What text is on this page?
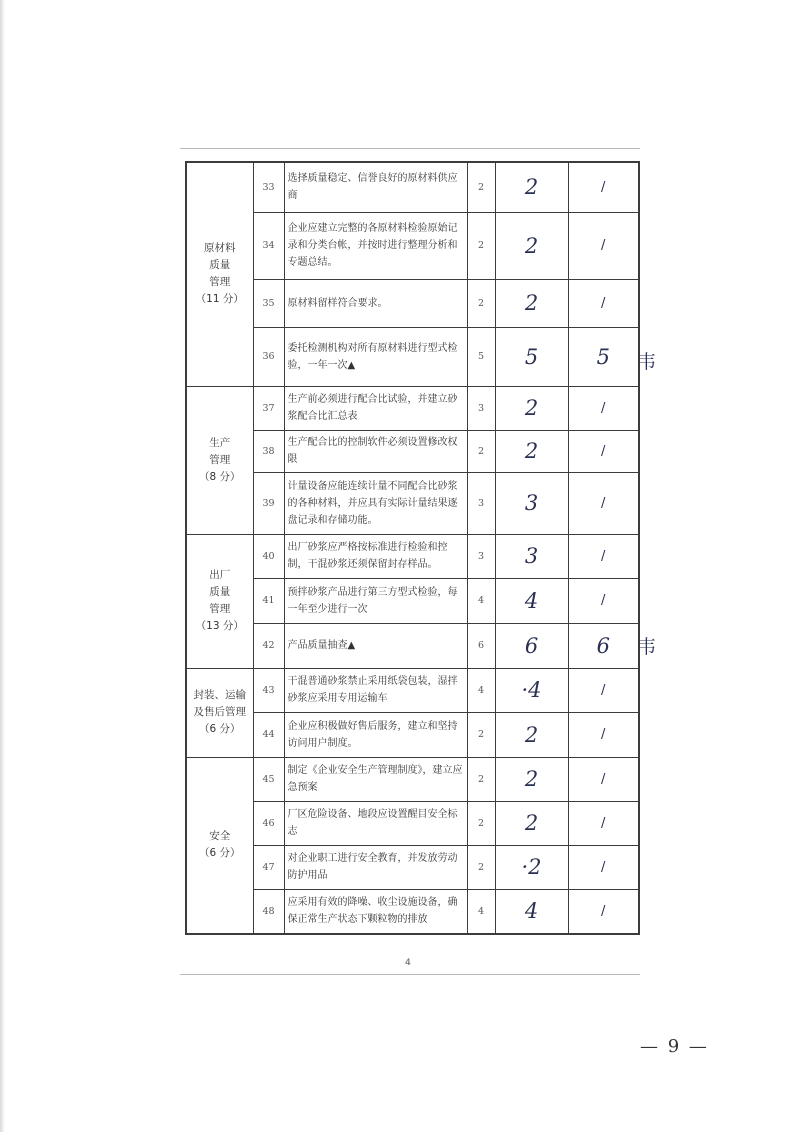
原材料
质量
管理
（11 分）	33	选择质量稳定、信誉良好的原材料供应商	2	2	/
	34	企业应建立完整的各原材料检验原始记录和分类台帐，并按时进行整理分析和专题总结。	2	2	/
	35	原材料留样符合要求。	2	2	/
	36	委托检测机构对所有原材料进行型式检验，一年一次▲	5	5	5

生产
管理
（8 分）	37	生产前必须进行配合比试验，并建立砂浆配合比汇总表	3	2	/
	38	生产配合比的控制软件必须设置修改权限	2	2	/
	39	计量设备应能连续计量不同配合比砂浆的各种材料，并应具有实际计量结果逐盘记录和存储功能。	3	3	/

出厂
质量
管理
（13 分）	40	出厂砂浆应严格按标准进行检验和控制，干混砂浆还须保留封存样品。	3	3	/
	41	预拌砂浆产品进行第三方型式检验，每一年至少进行一次	4	4	/
	42	产品质量抽查▲	6	6	6

封装、运输
及售后管理
（6 分）	43	干混普通砂浆禁止采用纸袋包装，湿拌砂浆应采用专用运输车	4	·4	/
	44	企业应积极做好售后服务，建立和坚持访问用户制度。	2	2	/

安全
（6 分）	45	制定《企业安全生产管理制度》，建立应急预案	2	2	/
	46	厂区危险设备、地段应设置醒目安全标志	2	2	/
	47	对企业职工进行安全教育，并发放劳动防护用品	2	·2	/
	48	应采用有效的降噪、收尘设施设备，确保正常生产状态下颗粒物的排放	4	4	/
韦
韦
4
— 9 —
